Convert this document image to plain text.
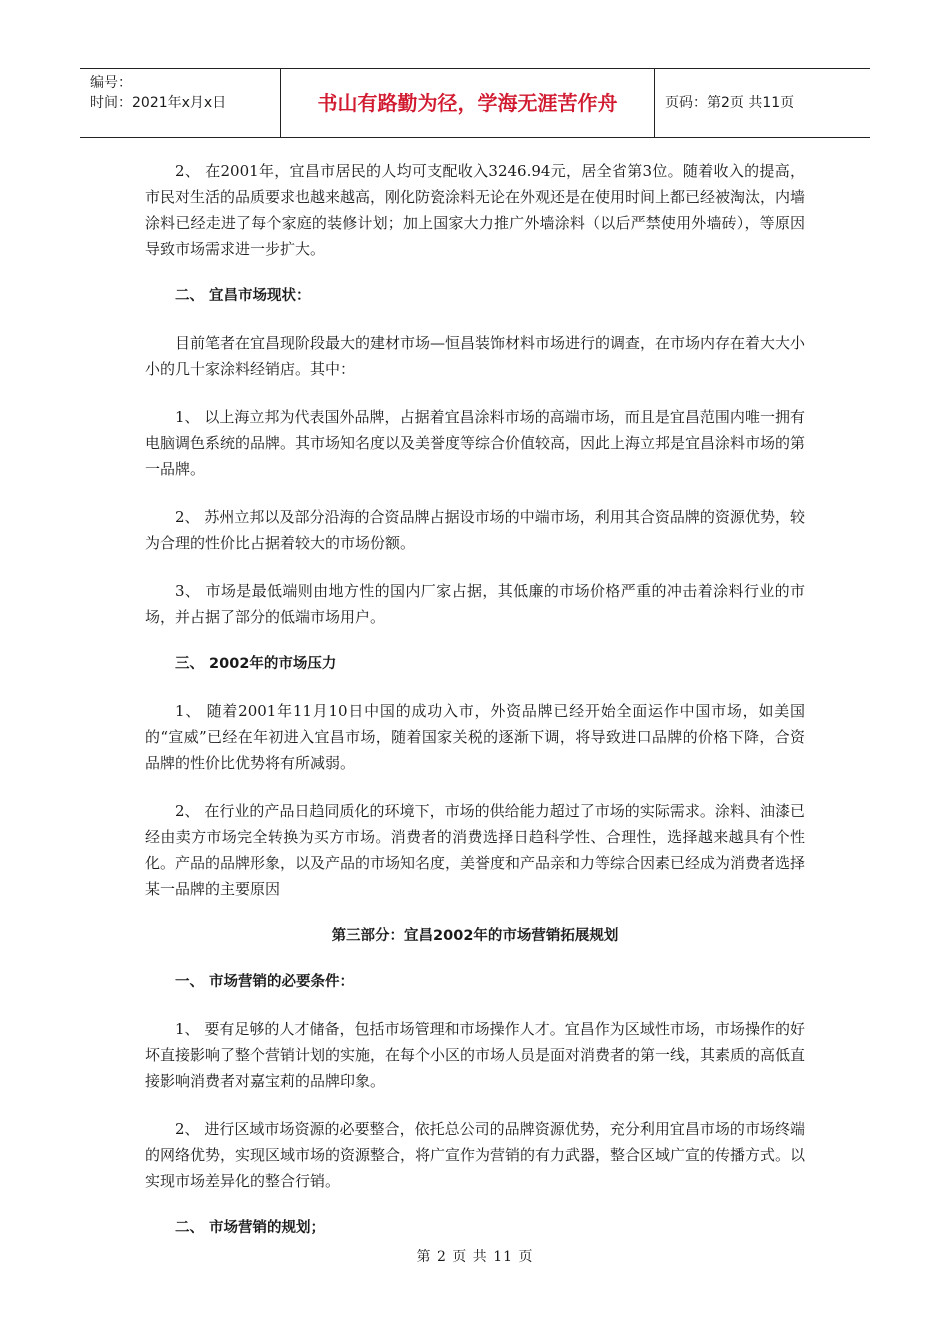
编号：
时间：2021年x月x日	书山有路勤为径，学海无涯苦作舟	页码：第2页 共11页

2、 在2001年，宜昌市居民的人均可支配收入3246.94元，居全省第3位。随着收入的提高，市民对生活的品质要求也越来越高，刚化防瓷涂料无论在外观还是在使用时间上都已经被淘汰，内墙涂料已经走进了每个家庭的装修计划；加上国家大力推广外墙涂料（以后严禁使用外墙砖），等原因导致市场需求进一步扩大。

二、 宜昌市场现状：

目前笔者在宜昌现阶段最大的建材市场—恒昌装饰材料市场进行的调查，在市场内存在着大大小小的几十家涂料经销店。其中：

1、 以上海立邦为代表国外品牌，占据着宜昌涂料市场的高端市场，而且是宜昌范围内唯一拥有电脑调色系统的品牌。其市场知名度以及美誉度等综合价值较高，因此上海立邦是宜昌涂料市场的第一品牌。

2、 苏州立邦以及部分沿海的合资品牌占据设市场的中端市场，利用其合资品牌的资源优势，较为合理的性价比占据着较大的市场份额。

3、 市场是最低端则由地方性的国内厂家占据，其低廉的市场价格严重的冲击着涂料行业的市场，并占据了部分的低端市场用户。

三、 2002年的市场压力

1、 随着2001年11月10日中国的成功入市，外资品牌已经开始全面运作中国市场，如美国的“宣威”已经在年初进入宜昌市场，随着国家关税的逐渐下调，将导致进口品牌的价格下降，合资品牌的性价比优势将有所减弱。

2、 在行业的产品日趋同质化的环境下，市场的供给能力超过了市场的实际需求。涂料、油漆已经由卖方市场完全转换为买方市场。消费者的消费选择日趋科学性、合理性，选择越来越具有个性化。产品的品牌形象，以及产品的市场知名度，美誉度和产品亲和力等综合因素已经成为消费者选择某一品牌的主要原因

第三部分：宜昌2002年的市场营销拓展规划

一、 市场营销的必要条件：

1、 要有足够的人才储备，包括市场管理和市场操作人才。宜昌作为区域性市场，市场操作的好坏直接影响了整个营销计划的实施，在每个小区的市场人员是面对消费者的第一线，其素质的高低直接影响消费者对嘉宝莉的品牌印象。

2、 进行区域市场资源的必要整合，依托总公司的品牌资源优势，充分利用宜昌市场的市场终端的网络优势，实现区域市场的资源整合，将广宣作为营销的有力武器，整合区域广宣的传播方式。以实现市场差异化的整合行销。

二、 市场营销的规划；

第 2 页 共 11 页
